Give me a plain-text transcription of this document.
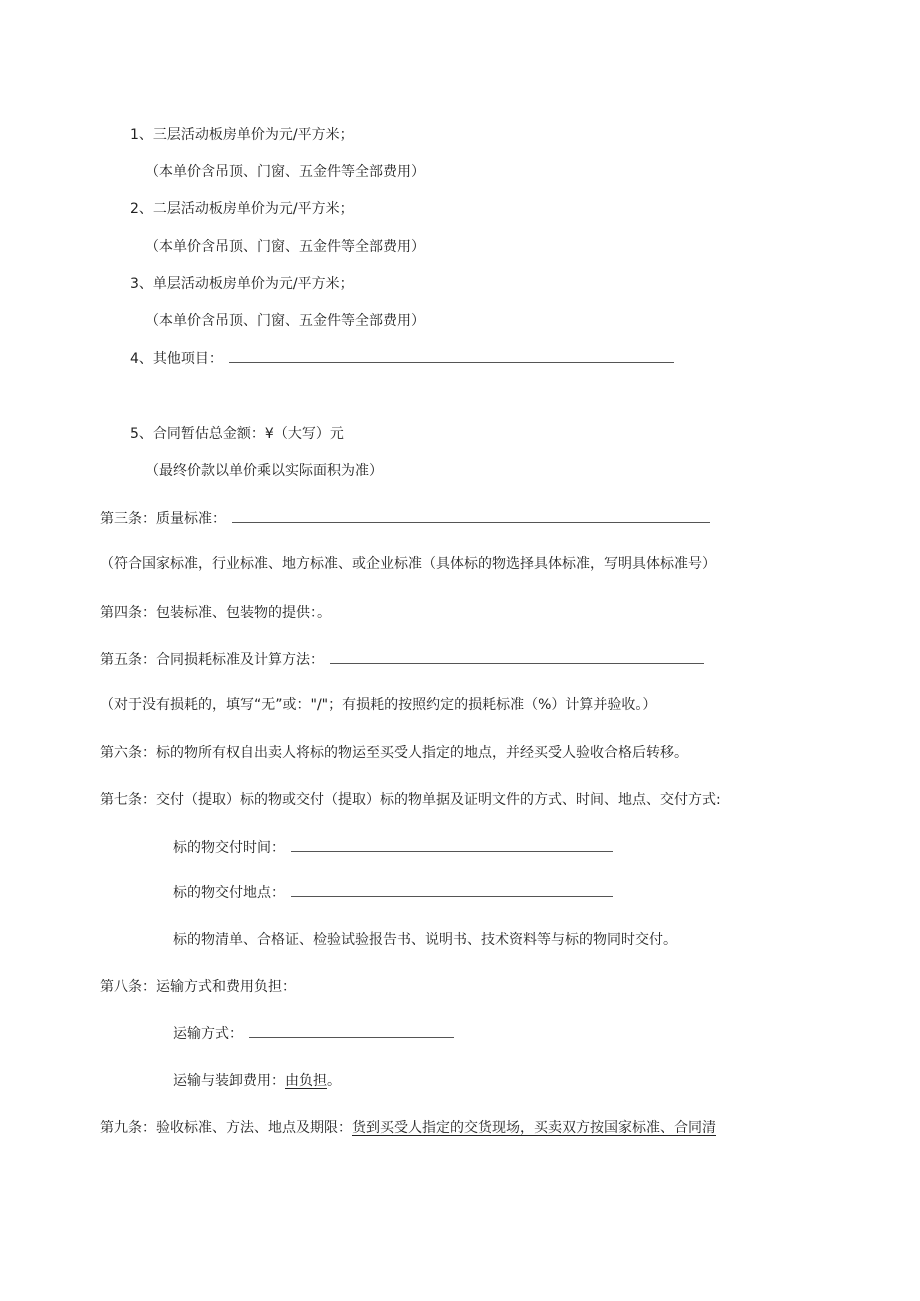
1、三层活动板房单价为元/平方米；
（本单价含吊顶、门窗、五金件等全部费用）
2、二层活动板房单价为元/平方米；
（本单价含吊顶、门窗、五金件等全部费用）
3、单层活动板房单价为元/平方米；
（本单价含吊顶、门窗、五金件等全部费用）
4、其他项目：
5、合同暂估总金额：¥（大写）元
（最终价款以单价乘以实际面积为准）
第三条：质量标准：
（符合国家标准，行业标准、地方标准、或企业标准（具体标的物选择具体标准，写明具体标准号）
第四条：包装标准、包装物的提供：。
第五条：合同损耗标准及计算方法：
（对于没有损耗的，填写“无”或："/"；有损耗的按照约定的损耗标准（%）计算并验收。）
第六条：标的物所有权自出卖人将标的物运至买受人指定的地点，并经买受人验收合格后转移。
第七条：交付（提取）标的物或交付（提取）标的物单据及证明文件的方式、时间、地点、交付方式:
标的物交付时间：
标的物交付地点：
标的物清单、合格证、检验试验报告书、说明书、技术资料等与标的物同时交付。
第八条：运输方式和费用负担：
运输方式：
运输与装卸费用：由负担。
第九条：验收标准、方法、地点及期限：货到买受人指定的交货现场，买卖双方按国家标准、合同清
